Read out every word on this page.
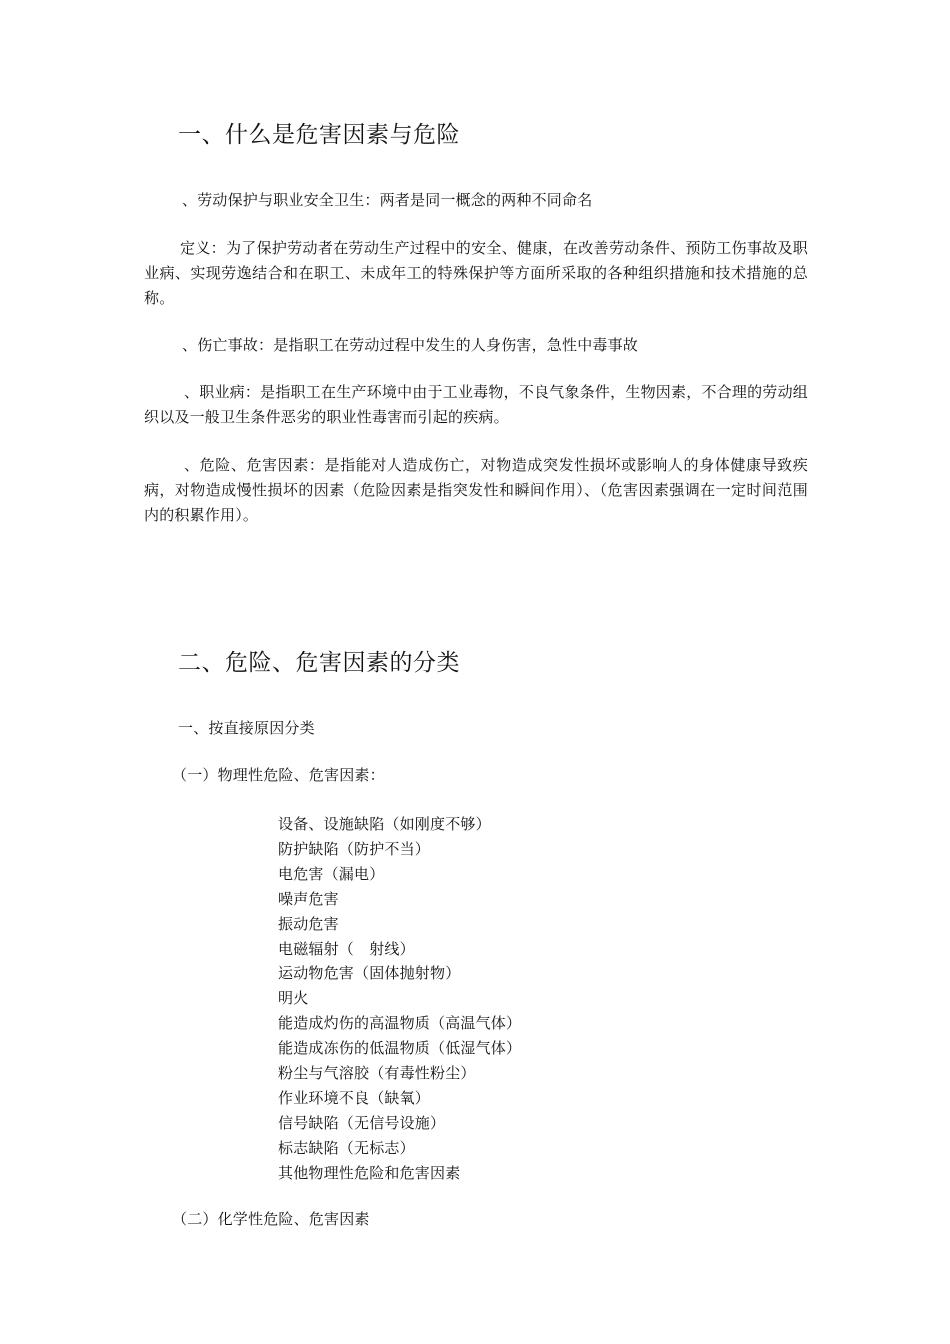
一、什么是危害因素与危险
、劳动保护与职业安全卫生：两者是同一概念的两种不同命名
定义：为了保护劳动者在劳动生产过程中的安全、健康，在改善劳动条件、预防工伤事故及职业病、实现劳逸结合和在职工、未成年工的特殊保护等方面所采取的各种组织措施和技术措施的总称。
、伤亡事故：是指职工在劳动过程中发生的人身伤害，急性中毒事故
、职业病：是指职工在生产环境中由于工业毒物，不良气象条件，生物因素，不合理的劳动组织以及一般卫生条件恶劣的职业性毒害而引起的疾病。
、危险、危害因素：是指能对人造成伤亡，对物造成突发性损坏或影响人的身体健康导致疾病，对物造成慢性损坏的因素（危险因素是指突发性和瞬间作用）、（危害因素强调在一定时间范围内的积累作用）。
二、危险、危害因素的分类
一、按直接原因分类
（一）物理性危险、危害因素：
设备、设施缺陷（如刚度不够）
防护缺陷（防护不当）
电危害（漏电）
噪声危害
振动危害
电磁辐射（　射线）
运动物危害（固体抛射物）
明火
能造成灼伤的高温物质（高温气体）
能造成冻伤的低温物质（低湿气体）
粉尘与气溶胶（有毒性粉尘）
作业环境不良（缺氧）
信号缺陷（无信号设施）
标志缺陷（无标志）
其他物理性危险和危害因素
（二）化学性危险、危害因素
